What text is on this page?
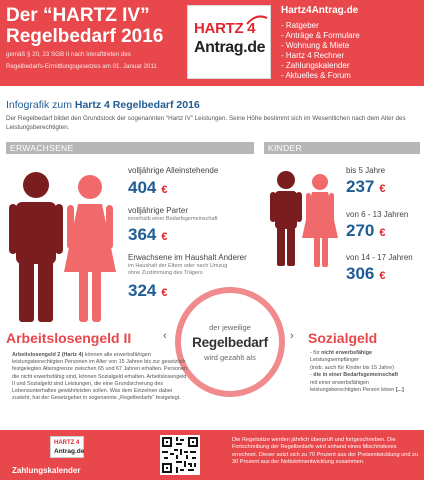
Der “HARTZ IV”
Regelbedarf 2016
gemäß § 20, 23 SGB II nach Inkrafttreten des
Regelbedarfs-Ermittlungsgesetzes am 01. Januar 2011
HARTZ 4
Antrag.de
Hartz4Antrag.de
- Ratgeber
- Anträge & Formulare
- Wohnung & Miete
- Hartz 4 Rechner
- Zahlungskalender
- Aktuelles & Forum
Infografik zum Hartz 4 Regelbedarf 2016
Der Regelbedarf bildet den Grundstock der sogenannten “Hartz IV” Leistungen. Seine Höhe bestimmt sich im Wesentlichen nach dem Alter des Leistungsberechtigten.
ERWACHSENE	KINDER
volljährige Alleinstehende
404 €
volljährige Parter
innerhalb einer Bedarfsgemeinschaft
364 €
Erwachsene im Haushalt Anderer
im Haushalt der Eltern oder nach Umzug
ohne Zustimmung des Trägers
324 €
bis 5 Jahre
237 €
von 6 - 13 Jahren
270 €
von 14 - 17 Jahren
306 €
der jeweilige
Regelbedarf
wird gezahlt als
‹	›
Arbeitslosengeld II
Arbeitslosengeld 2 (Hartz 4) können alle erwerbsfähigen leistungsberechtigten Personen im Alter von 15 Jahren bis zur gesetzlich festgelegten Altersgrenze zwischen 65 und 67 Jahren erhalten. Personen die nicht erwerbsfähig sind, können Sozialgeld erhalten. Arbeitslosengeld II und Sozialgeld sind Leistungen, die eine Grundsicherung des Lebensunterhaltes gewährleisten sollen. Was dem Einzelnen dabei zusteht, hat der Gesetzgeber in sogenannte „Regelbedarfe“ festgelegt.
Sozialgeld
- für nicht erwerbsfähige
Leistungsempfänger
(insb. auch für Kinder bis 15 Jahre)
- die in einer Bedarfsgemeinschaft
mit einer erwerbsfähigen
leistungsberechtigten Person leben [...]
HARTZ 4
Antrag.de
Zahlungskalender
Die Regelsätze werden jährlich überprüft und fortgeschrieben. Die Fortschreibung der Regelbedarfe wird anhand eines Mischindexes errechnet. Dieser setzt sich zu 70 Prozent aus der Preisentwicklung und zu 30 Prozent aus der Nettolohnentwicklung zusammen.
